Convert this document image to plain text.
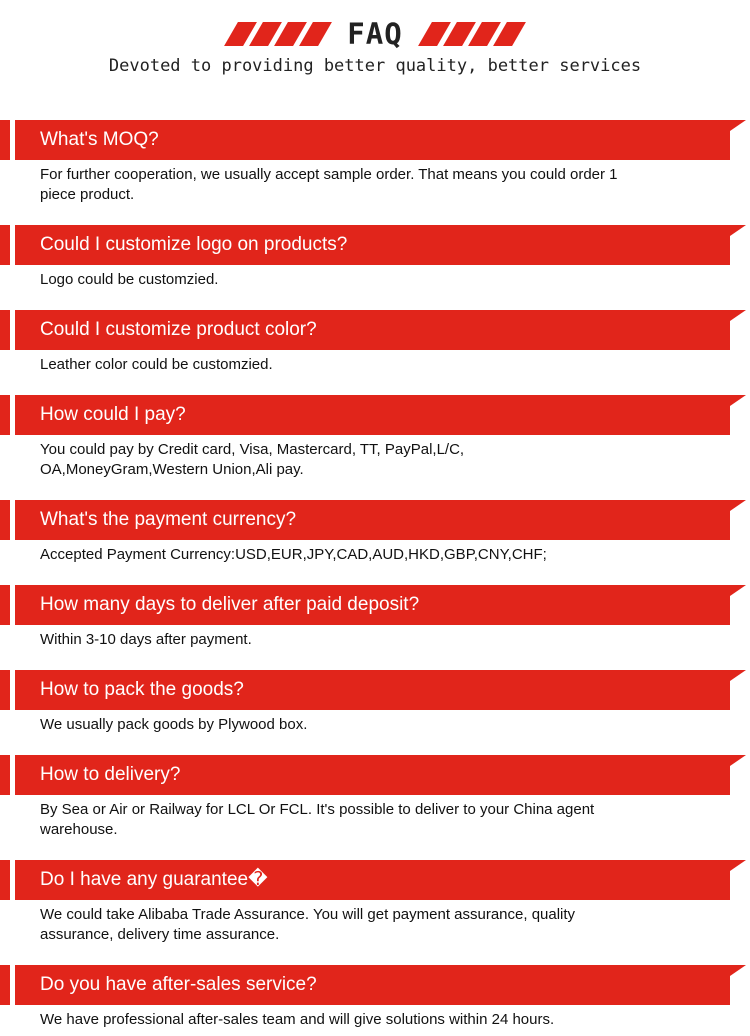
FAQ
Devoted to providing better quality, better services
What's MOQ?
For further cooperation, we usually accept sample order. That means you could order 1 piece product.
Could I customize logo on products?
Logo could be customzied.
Could I customize product color?
Leather color could be customzied.
How could I pay?
You could pay by Credit card, Visa, Mastercard, TT, PayPal,L/C, OA,MoneyGram,Western Union,Ali pay.
What's the payment currency?
Accepted Payment Currency:USD,EUR,JPY,CAD,AUD,HKD,GBP,CNY,CHF;
How many days to deliver after paid deposit?
Within 3-10 days after payment.
How to pack the goods?
We usually pack goods by Plywood box.
How to delivery?
By Sea or Air or Railway for LCL Or FCL. It's possible to deliver to your China agent warehouse.
Do I have any guarantee�
We could take Alibaba Trade Assurance. You will get payment assurance, quality assurance, delivery time assurance.
Do you have after-sales service?
We have professional after-sales team and will give solutions within 24 hours.
